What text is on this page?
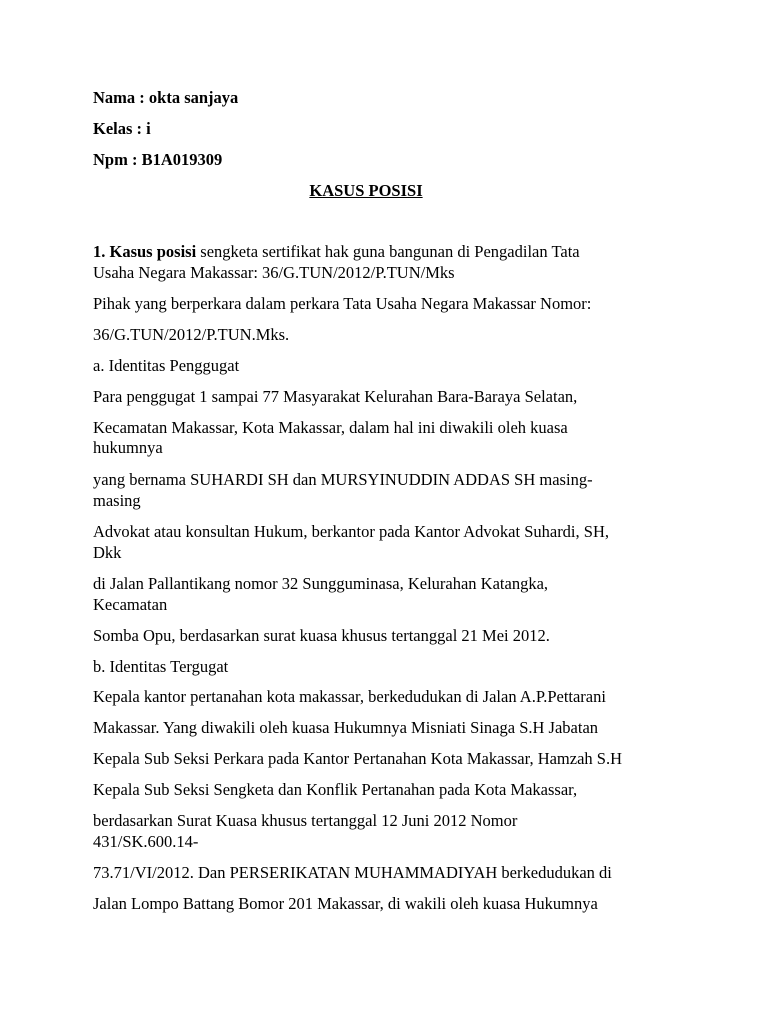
Nama : okta sanjaya
Kelas : i
Npm : B1A019309
KASUS POSISI
1. Kasus posisi sengketa sertifikat hak guna bangunan di Pengadilan Tata
Usaha Negara Makassar: 36/G.TUN/2012/P.TUN/Mks
Pihak yang berperkara dalam perkara Tata Usaha Negara Makassar Nomor:
36/G.TUN/2012/P.TUN.Mks.
a. Identitas Penggugat
Para penggugat 1 sampai 77 Masyarakat Kelurahan Bara-Baraya Selatan,
Kecamatan Makassar, Kota Makassar, dalam hal ini diwakili oleh kuasa
hukumnya
yang bernama SUHARDI SH dan MURSYINUDDIN ADDAS SH masing-
masing
Advokat atau konsultan Hukum, berkantor pada Kantor Advokat Suhardi, SH,
Dkk
di Jalan Pallantikang nomor 32 Sungguminasa, Kelurahan Katangka,
Kecamatan
Somba Opu, berdasarkan surat kuasa khusus tertanggal 21 Mei 2012.
b. Identitas Tergugat
Kepala kantor pertanahan kota makassar, berkedudukan di Jalan A.P.Pettarani
Makassar. Yang diwakili oleh kuasa Hukumnya Misniati Sinaga S.H Jabatan
Kepala Sub Seksi Perkara pada Kantor Pertanahan Kota Makassar, Hamzah S.H
Kepala Sub Seksi Sengketa dan Konflik Pertanahan pada Kota Makassar,
berdasarkan Surat Kuasa khusus tertanggal 12 Juni 2012 Nomor
431/SK.600.14-
73.71/VI/2012. Dan PERSERIKATAN MUHAMMADIYAH berkedudukan di
Jalan Lompo Battang Bomor 201 Makassar, di wakili oleh kuasa Hukumnya
